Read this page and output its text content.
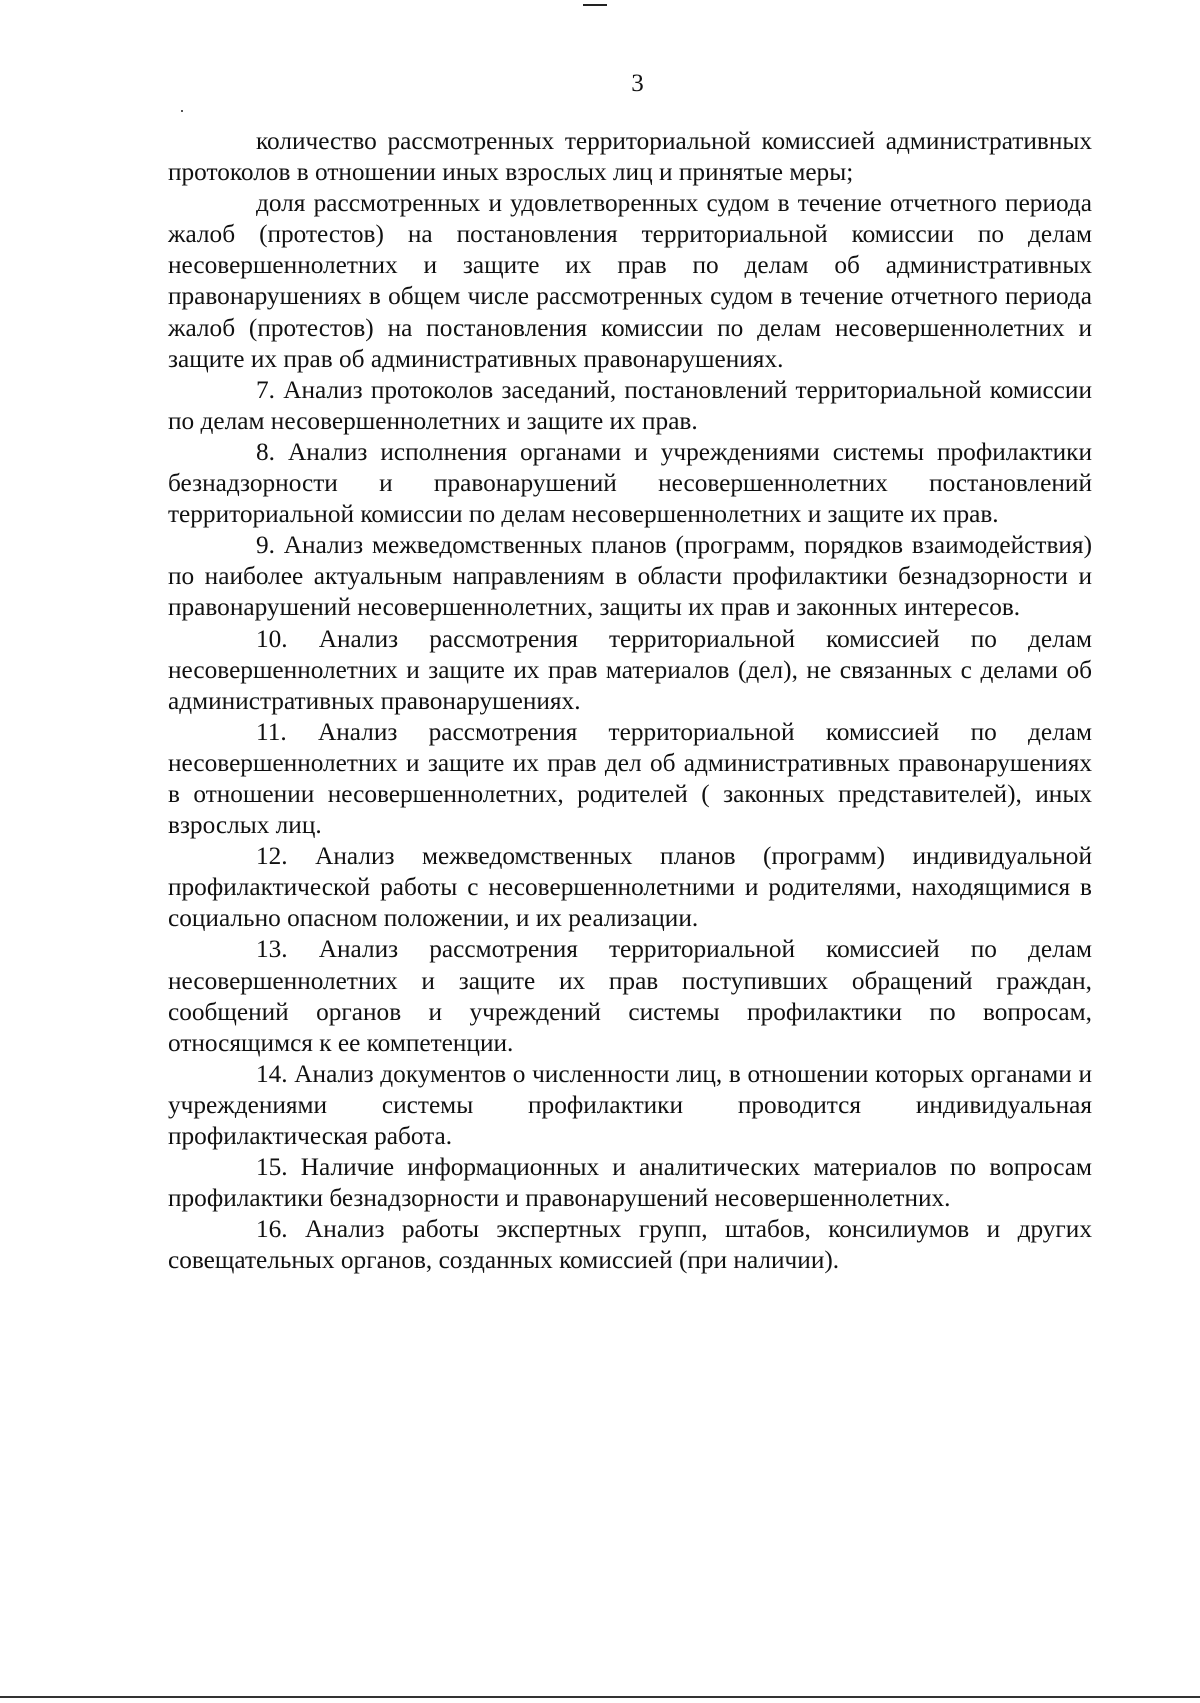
3

количество рассмотренных территориальной комиссией административных протоколов в отношении иных взрослых лиц и принятые меры;

доля рассмотренных и удовлетворенных судом в течение отчетного периода жалоб (протестов) на постановления территориальной комиссии по делам несовершеннолетних и защите их прав по делам об административных правонарушениях в общем числе рассмотренных судом в течение отчетного периода жалоб (протестов) на постановления комиссии по делам несовершеннолетних и защите их прав об административных правонарушениях.

7. Анализ протоколов заседаний, постановлений территориальной комиссии по делам несовершеннолетних и защите их прав.

8. Анализ исполнения органами и учреждениями системы профилактики безнадзорности и правонарушений несовершеннолетних постановлений территориальной комиссии по делам несовершеннолетних и защите их прав.

9. Анализ межведомственных планов (программ, порядков взаимодействия) по наиболее актуальным направлениям в области профилактики безнадзорности и правонарушений несовершеннолетних, защиты их прав и законных интересов.

10. Анализ рассмотрения территориальной комиссией по делам несовершеннолетних и защите их прав материалов (дел), не связанных с делами об административных правонарушениях.

11. Анализ рассмотрения территориальной комиссией по делам несовершеннолетних и защите их прав дел об административных правонарушениях в отношении несовершеннолетних, родителей ( законных представителей), иных взрослых лиц.

12. Анализ межведомственных планов (программ) индивидуальной профилактической работы с несовершеннолетними и родителями, находящимися в социально опасном положении, и их реализации.

13. Анализ рассмотрения территориальной комиссией по делам несовершеннолетних и защите их прав поступивших обращений граждан, сообщений органов и учреждений системы профилактики по вопросам, относящимся к ее компетенции.

14. Анализ документов о численности лиц, в отношении которых органами и учреждениями системы профилактики проводится индивидуальная профилактическая работа.

15. Наличие информационных и аналитических материалов по вопросам профилактики безнадзорности и правонарушений несовершеннолетних.

16. Анализ работы экспертных групп, штабов, консилиумов и других совещательных органов, созданных комиссией (при наличии).
